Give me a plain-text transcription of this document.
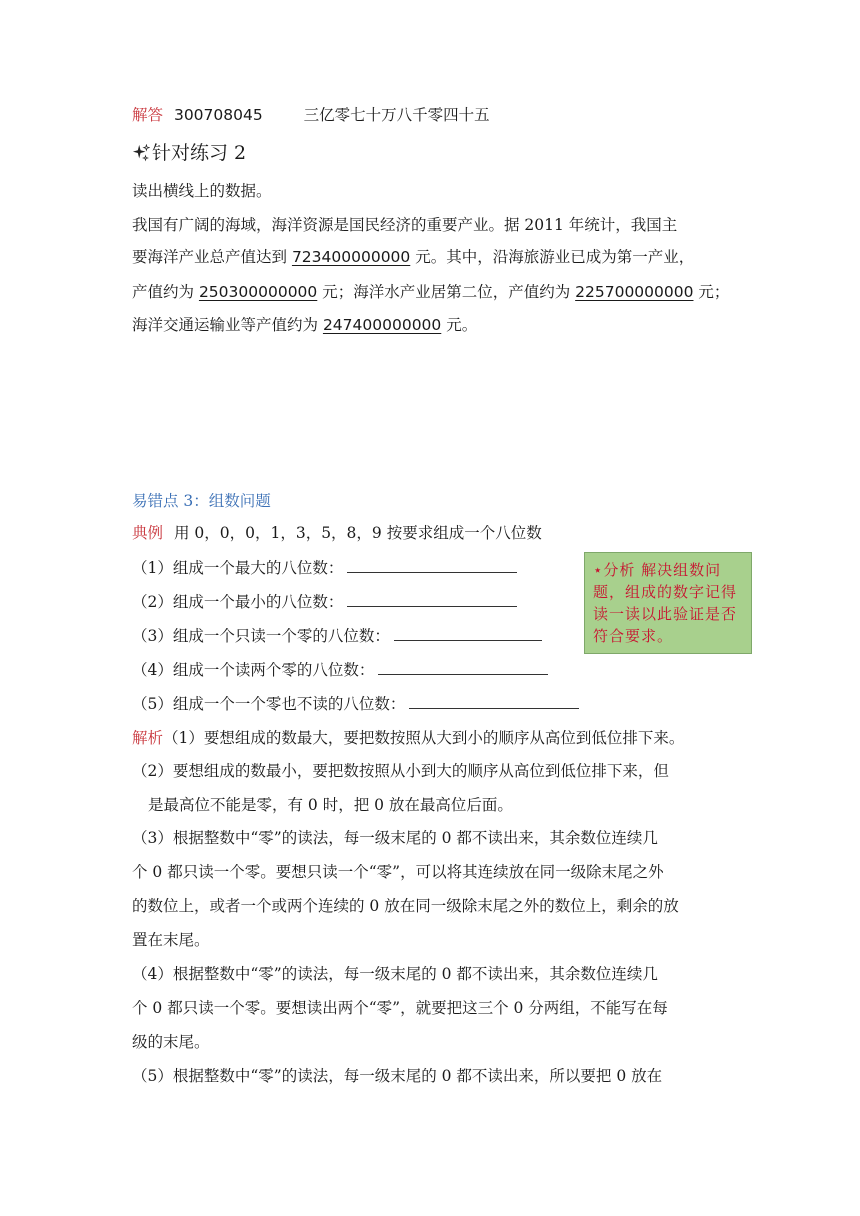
解答 300708045	三亿零七十万八千零四十五
针对练习 2
读出横线上的数据。
我国有广阔的海域，海洋资源是国民经济的重要产业。据 2011 年统计，我国主
要海洋产业总产值达到 723400000000 元。其中，沿海旅游业已成为第一产业，
产值约为 250300000000 元；海洋水产业居第二位，产值约为 225700000000 元；
海洋交通运输业等产值约为 247400000000 元。
易错点 3：组数问题
典例 用 0，0，0，1，3，5，8，9 按要求组成一个八位数
（1）组成一个最大的八位数：
（2）组成一个最小的八位数：
（3）组成一个只读一个零的八位数：
（4）组成一个读两个零的八位数：
（5）组成一个一个零也不读的八位数：
⋆分析 解决组数问题，组成的数字记得读一读以此验证是否符合要求。
解析（1）要想组成的数最大，要把数按照从大到小的顺序从高位到低位排下来。
（2）要想组成的数最小，要把数按照从小到大的顺序从高位到低位排下来，但
是最高位不能是零，有 0 时，把 0 放在最高位后面。
（3）根据整数中“零”的读法，每一级末尾的 0 都不读出来，其余数位连续几
个 0 都只读一个零。要想只读一个“零”，可以将其连续放在同一级除末尾之外
的数位上，或者一个或两个连续的 0 放在同一级除末尾之外的数位上，剩余的放
置在末尾。
（4）根据整数中“零”的读法，每一级末尾的 0 都不读出来，其余数位连续几
个 0 都只读一个零。要想读出两个“零”，就要把这三个 0 分两组，不能写在每
级的末尾。
（5）根据整数中“零”的读法，每一级末尾的 0 都不读出来，所以要把 0 放在
